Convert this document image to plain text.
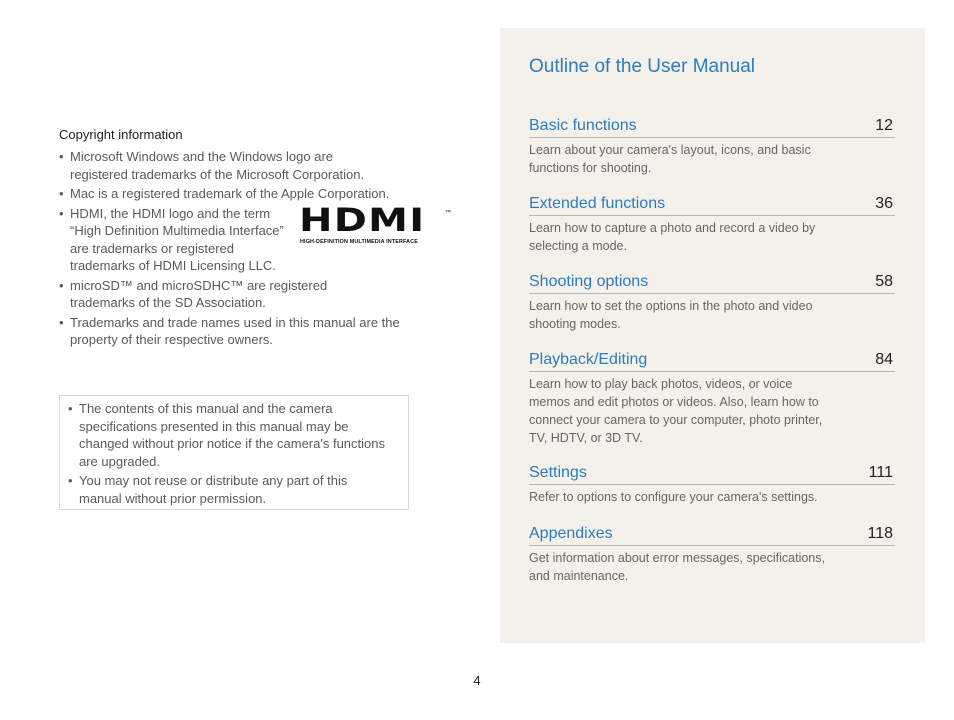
Copyright information
• Microsoft Windows and the Windows logo are registered trademarks of the Microsoft Corporation.
• Mac is a registered trademark of the Apple Corporation.
• HDMI, the HDMI logo and the term “High Definition Multimedia Interface” are trademarks or registered trademarks of HDMI Licensing LLC.
HDMI	™
HIGH-DEFINITION MULTIMEDIA INTERFACE
• microSD™ and microSDHC™ are registered trademarks of the SD Association.
• Trademarks and trade names used in this manual are the property of their respective owners.
• The contents of this manual and the camera specifications presented in this manual may be changed without prior notice if the camera's functions are upgraded.
• You may not reuse or distribute any part of this manual without prior permission.
Outline of the User Manual
Basic functions	12
Learn about your camera's layout, icons, and basic functions for shooting.
Extended functions	36
Learn how to capture a photo and record a video by selecting a mode.
Shooting options	58
Learn how to set the options in the photo and video shooting modes.
Playback/Editing	84
Learn how to play back photos, videos, or voice memos and edit photos or videos. Also, learn how to connect your camera to your computer, photo printer, TV, HDTV, or 3D TV.
Settings	111
Refer to options to configure your camera's settings.
Appendixes	118
Get information about error messages, specifications, and maintenance.
4
